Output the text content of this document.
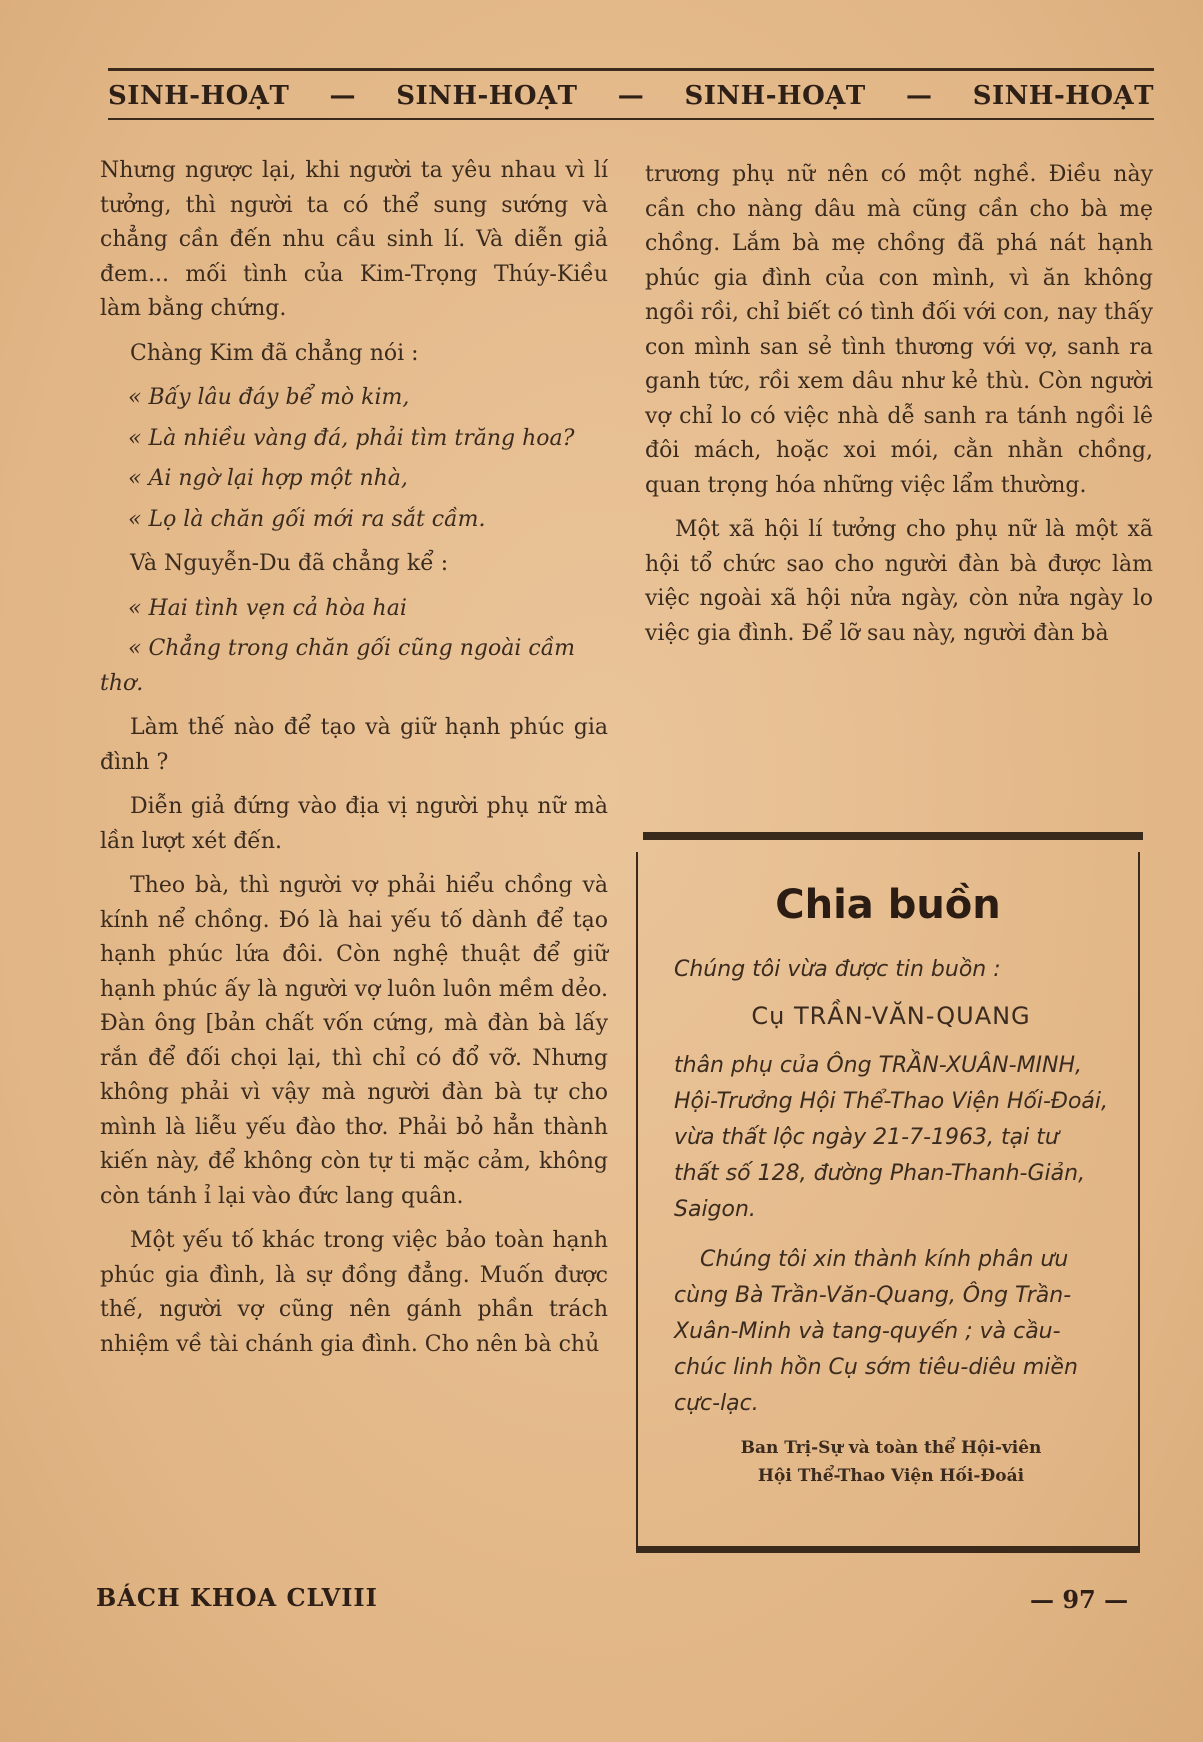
SINH-HOẠT — SINH-HOẠT — SINH-HOẠT — SINH-HOẠT

Nhưng ngược lại, khi người ta yêu nhau vì lí tưởng, thì người ta có thể sung sướng và chẳng cần đến nhu cầu sinh lí. Và diễn giả đem... mối tình của Kim-Trọng Thúy-Kiều làm bằng chứng.

Chàng Kim đã chẳng nói :

« Bấy lâu đáy bể mò kim,

« Là nhiều vàng đá, phải tìm trăng hoa?

« Ai ngờ lại hợp một nhà,

« Lọ là chăn gối mới ra sắt cầm.

Và Nguyễn-Du đã chẳng kể :

« Hai tình vẹn cả hòa hai

« Chẳng trong chăn gối cũng ngoài cầm

thơ.

Làm thế nào để tạo và giữ hạnh phúc gia đình ?

Diễn giả đứng vào địa vị người phụ nữ mà lần lượt xét đến.

Theo bà, thì người vợ phải hiểu chồng và kính nể chồng. Đó là hai yếu tố dành để tạo hạnh phúc lứa đôi. Còn nghệ thuật để giữ hạnh phúc ấy là người vợ luôn luôn mềm dẻo. Đàn ông [bản chất vốn cứng, mà đàn bà lấy rắn để đối chọi lại, thì chỉ có đổ vỡ. Nhưng không phải vì vậy mà người đàn bà tự cho mình là liễu yếu đào thơ. Phải bỏ hẳn thành kiến này, để không còn tự ti mặc cảm, không còn tánh ỉ lại vào đức lang quân.

Một yếu tố khác trong việc bảo toàn hạnh phúc gia đình, là sự đồng đẳng. Muốn được thế, người vợ cũng nên gánh phần trách nhiệm về tài chánh gia đình. Cho nên bà chủ

trương phụ nữ nên có một nghề. Điều này cần cho nàng dâu mà cũng cần cho bà mẹ chồng. Lắm bà mẹ chồng đã phá nát hạnh phúc gia đình của con mình, vì ăn không ngồi rồi, chỉ biết có tình đối với con, nay thấy con mình san sẻ tình thương với vợ, sanh ra ganh tức, rồi xem dâu như kẻ thù. Còn người vợ chỉ lo có việc nhà dễ sanh ra tánh ngồi lê đôi mách, hoặc xoi mói, cằn nhằn chồng, quan trọng hóa những việc lẩm thường.

Một xã hội lí tưởng cho phụ nữ là một xã hội tổ chức sao cho người đàn bà được làm việc ngoài xã hội nửa ngày, còn nửa ngày lo việc gia đình. Để lỡ sau này, người đàn bà

Chia buồn

Chúng tôi vừa được tin buồn :

Cụ TRẦN-VĂN-QUANG

thân phụ của Ông TRẦN-XUÂN-MINH, Hội-Trưởng Hội Thể-Thao Viện Hối-Đoái, vừa thất lộc ngày 21-7-1963, tại tư thất số 128, đường Phan-Thanh-Giản, Saigon.

Chúng tôi xin thành kính phân ưu cùng Bà Trần-Văn-Quang, Ông Trần-Xuân-Minh và tang-quyến ; và cầu-chúc linh hồn Cụ sớm tiêu-diêu miền cực-lạc.

Ban Trị-Sự và toàn thể Hội-viên

Hội Thể-Thao Viện Hối-Đoái

BÁCH KHOA CLVIII	— 97 —
